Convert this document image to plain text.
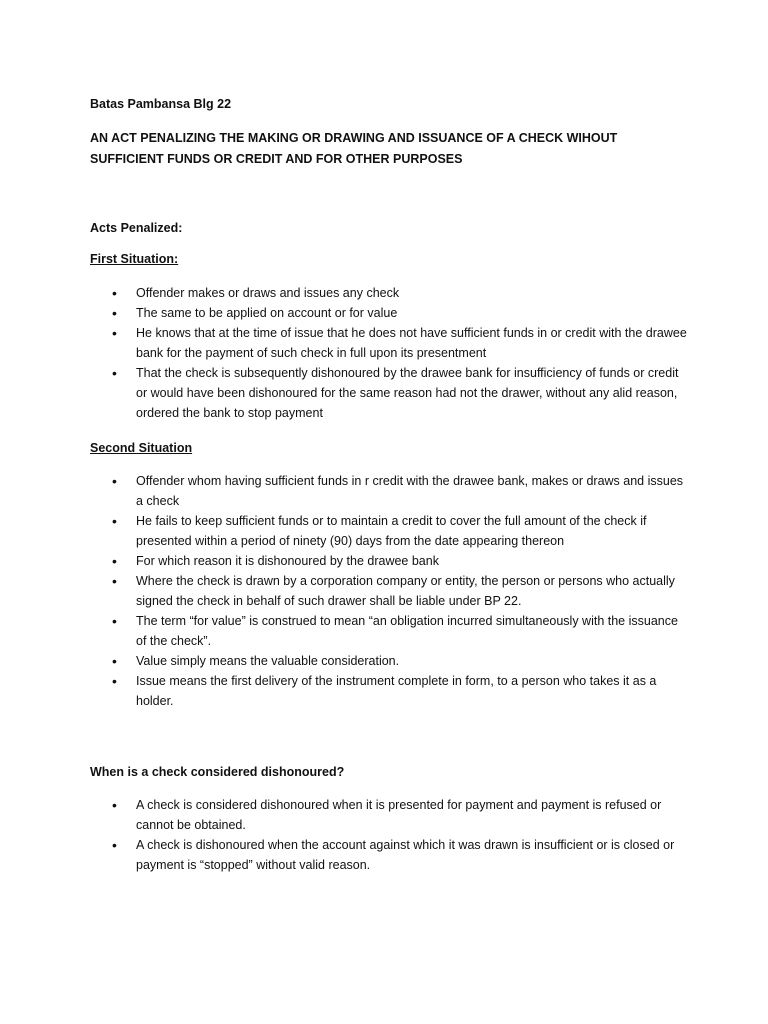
Batas Pambansa Blg 22

AN ACT PENALIZING THE MAKING OR DRAWING AND ISSUANCE OF A CHECK WIHOUT

SUFFICIENT FUNDS OR CREDIT AND FOR OTHER PURPOSES

Acts Penalized:

First Situation:

• Offender makes or draws and issues any check
• The same to be applied on account or for value
• He knows that at the time of issue that he does not have sufficient funds in or credit with the drawee bank for the payment of such check in full upon its presentment
• That the check is subsequently dishonoured by the drawee bank for insufficiency of funds or credit or would have been dishonoured for the same reason had not the drawer, without any alid reason, ordered the bank to stop payment

Second Situation

• Offender whom having sufficient funds in r credit with the drawee bank, makes or draws and issues a check
• He fails to keep sufficient funds or to maintain a credit to cover the full amount of the check if presented within a period of ninety (90) days from the date appearing thereon
• For which reason it is dishonoured by the drawee bank
• Where the check is drawn by a corporation company or entity, the person or persons who actually signed the check in behalf of such drawer shall be liable under BP 22.
• The term “for value” is construed to mean “an obligation incurred simultaneously with the issuance of the check”.
• Value simply means the valuable consideration.
• Issue means the first delivery of the instrument complete in form, to a person who takes it as a holder.

When is a check considered dishonoured?

• A check is considered dishonoured when it is presented for payment and payment is refused or cannot be obtained.
• A check is dishonoured when the account against which it was drawn is insufficient or is closed or payment is “stopped” without valid reason.
